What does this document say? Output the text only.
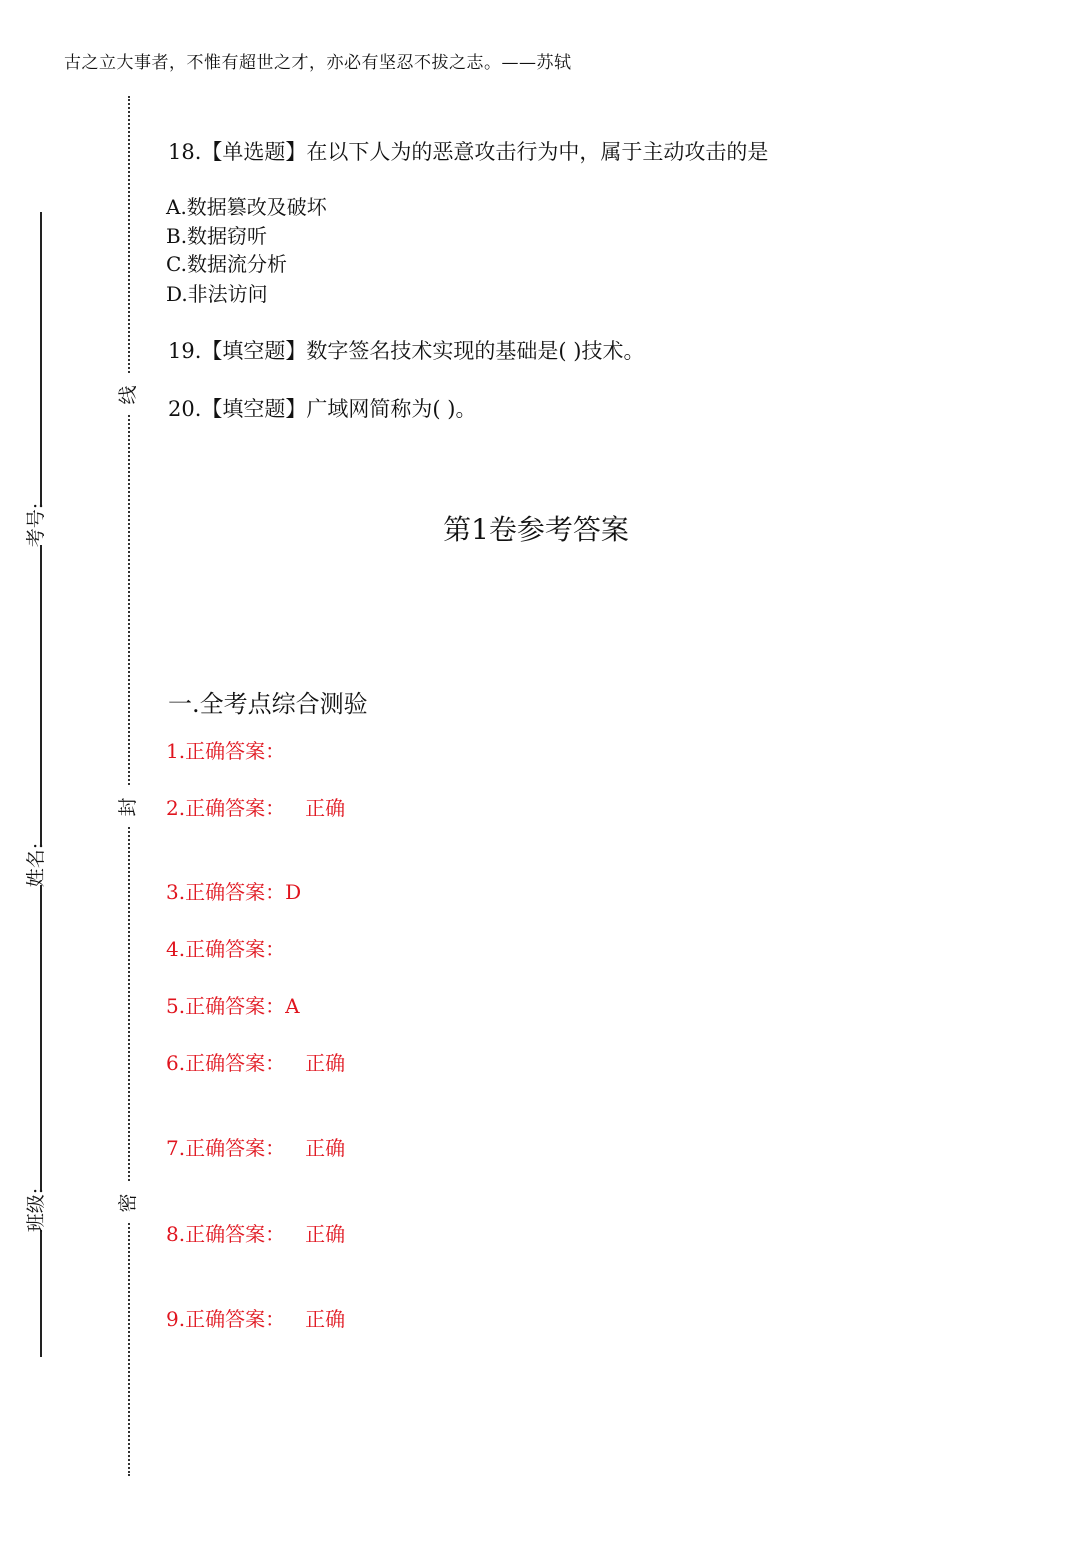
古之立大事者，不惟有超世之才，亦必有坚忍不拔之志。——苏轼
考号:
姓名:
班级:
线
封
密
18.【单选题】在以下人为的恶意攻击行为中，属于主动攻击的是
A.数据篡改及破坏
B.数据窃听
C.数据流分析
D.非法访问
19.【填空题】数字签名技术实现的基础是( )技术。
20.【填空题】广域网简称为( )。
第1卷参考答案
一.全考点综合测验
1.正确答案：
2.正确答案： 正确
3.正确答案：D
4.正确答案：
5.正确答案：A
6.正确答案： 正确
7.正确答案： 正确
8.正确答案： 正确
9.正确答案： 正确
